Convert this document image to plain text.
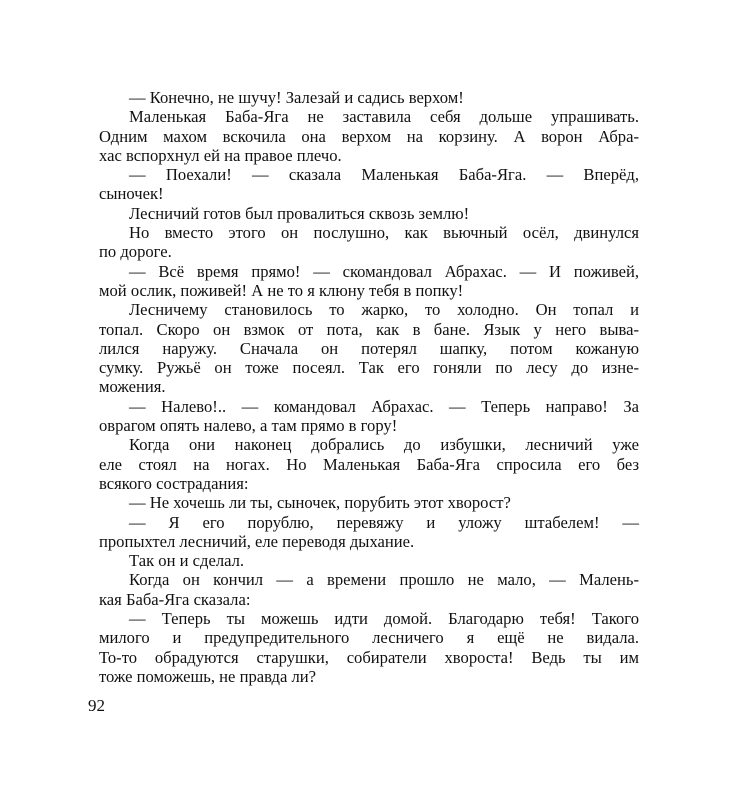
— Конечно, не шучу! Залезай и садись верхом!
Маленькая Баба-Яга не заставила себя дольше упрашивать.
Одним махом вскочила она верхом на корзину. А ворон Абра-
хас вспорхнул ей на правое плечо.
— Поехали! — сказала Маленькая Баба-Яга. — Вперёд,
сыночек!
Лесничий готов был провалиться сквозь землю!
Но вместо этого он послушно, как вьючный осёл, двинулся
по дороге.
— Всё время прямо! — скомандовал Абрахас. — И поживей,
мой ослик, поживей! А не то я клюну тебя в попку!
Лесничему становилось то жарко, то холодно. Он топал и
топал. Скоро он взмок от пота, как в бане. Язык у него выва-
лился наружу. Сначала он потерял шапку, потом кожаную
сумку. Ружьё он тоже посеял. Так его гоняли по лесу до изне-
можения.
— Налево!.. — командовал Абрахас. — Теперь направо! За
оврагом опять налево, а там прямо в гору!
Когда они наконец добрались до избушки, лесничий уже
еле стоял на ногах. Но Маленькая Баба-Яга спросила его без
всякого сострадания:
— Не хочешь ли ты, сыночек, порубить этот хворост?
— Я его порублю, перевяжу и уложу штабелем! —
пропыхтел лесничий, еле переводя дыхание.
Так он и сделал.
Когда он кончил — а времени прошло не мало, — Малень-
кая Баба-Яга сказала:
— Теперь ты можешь идти домой. Благодарю тебя! Такого
милого и предупредительного лесничего я ещё не видала.
То-то обрадуются старушки, собиратели хвороста! Ведь ты им
тоже поможешь, не правда ли?
92
